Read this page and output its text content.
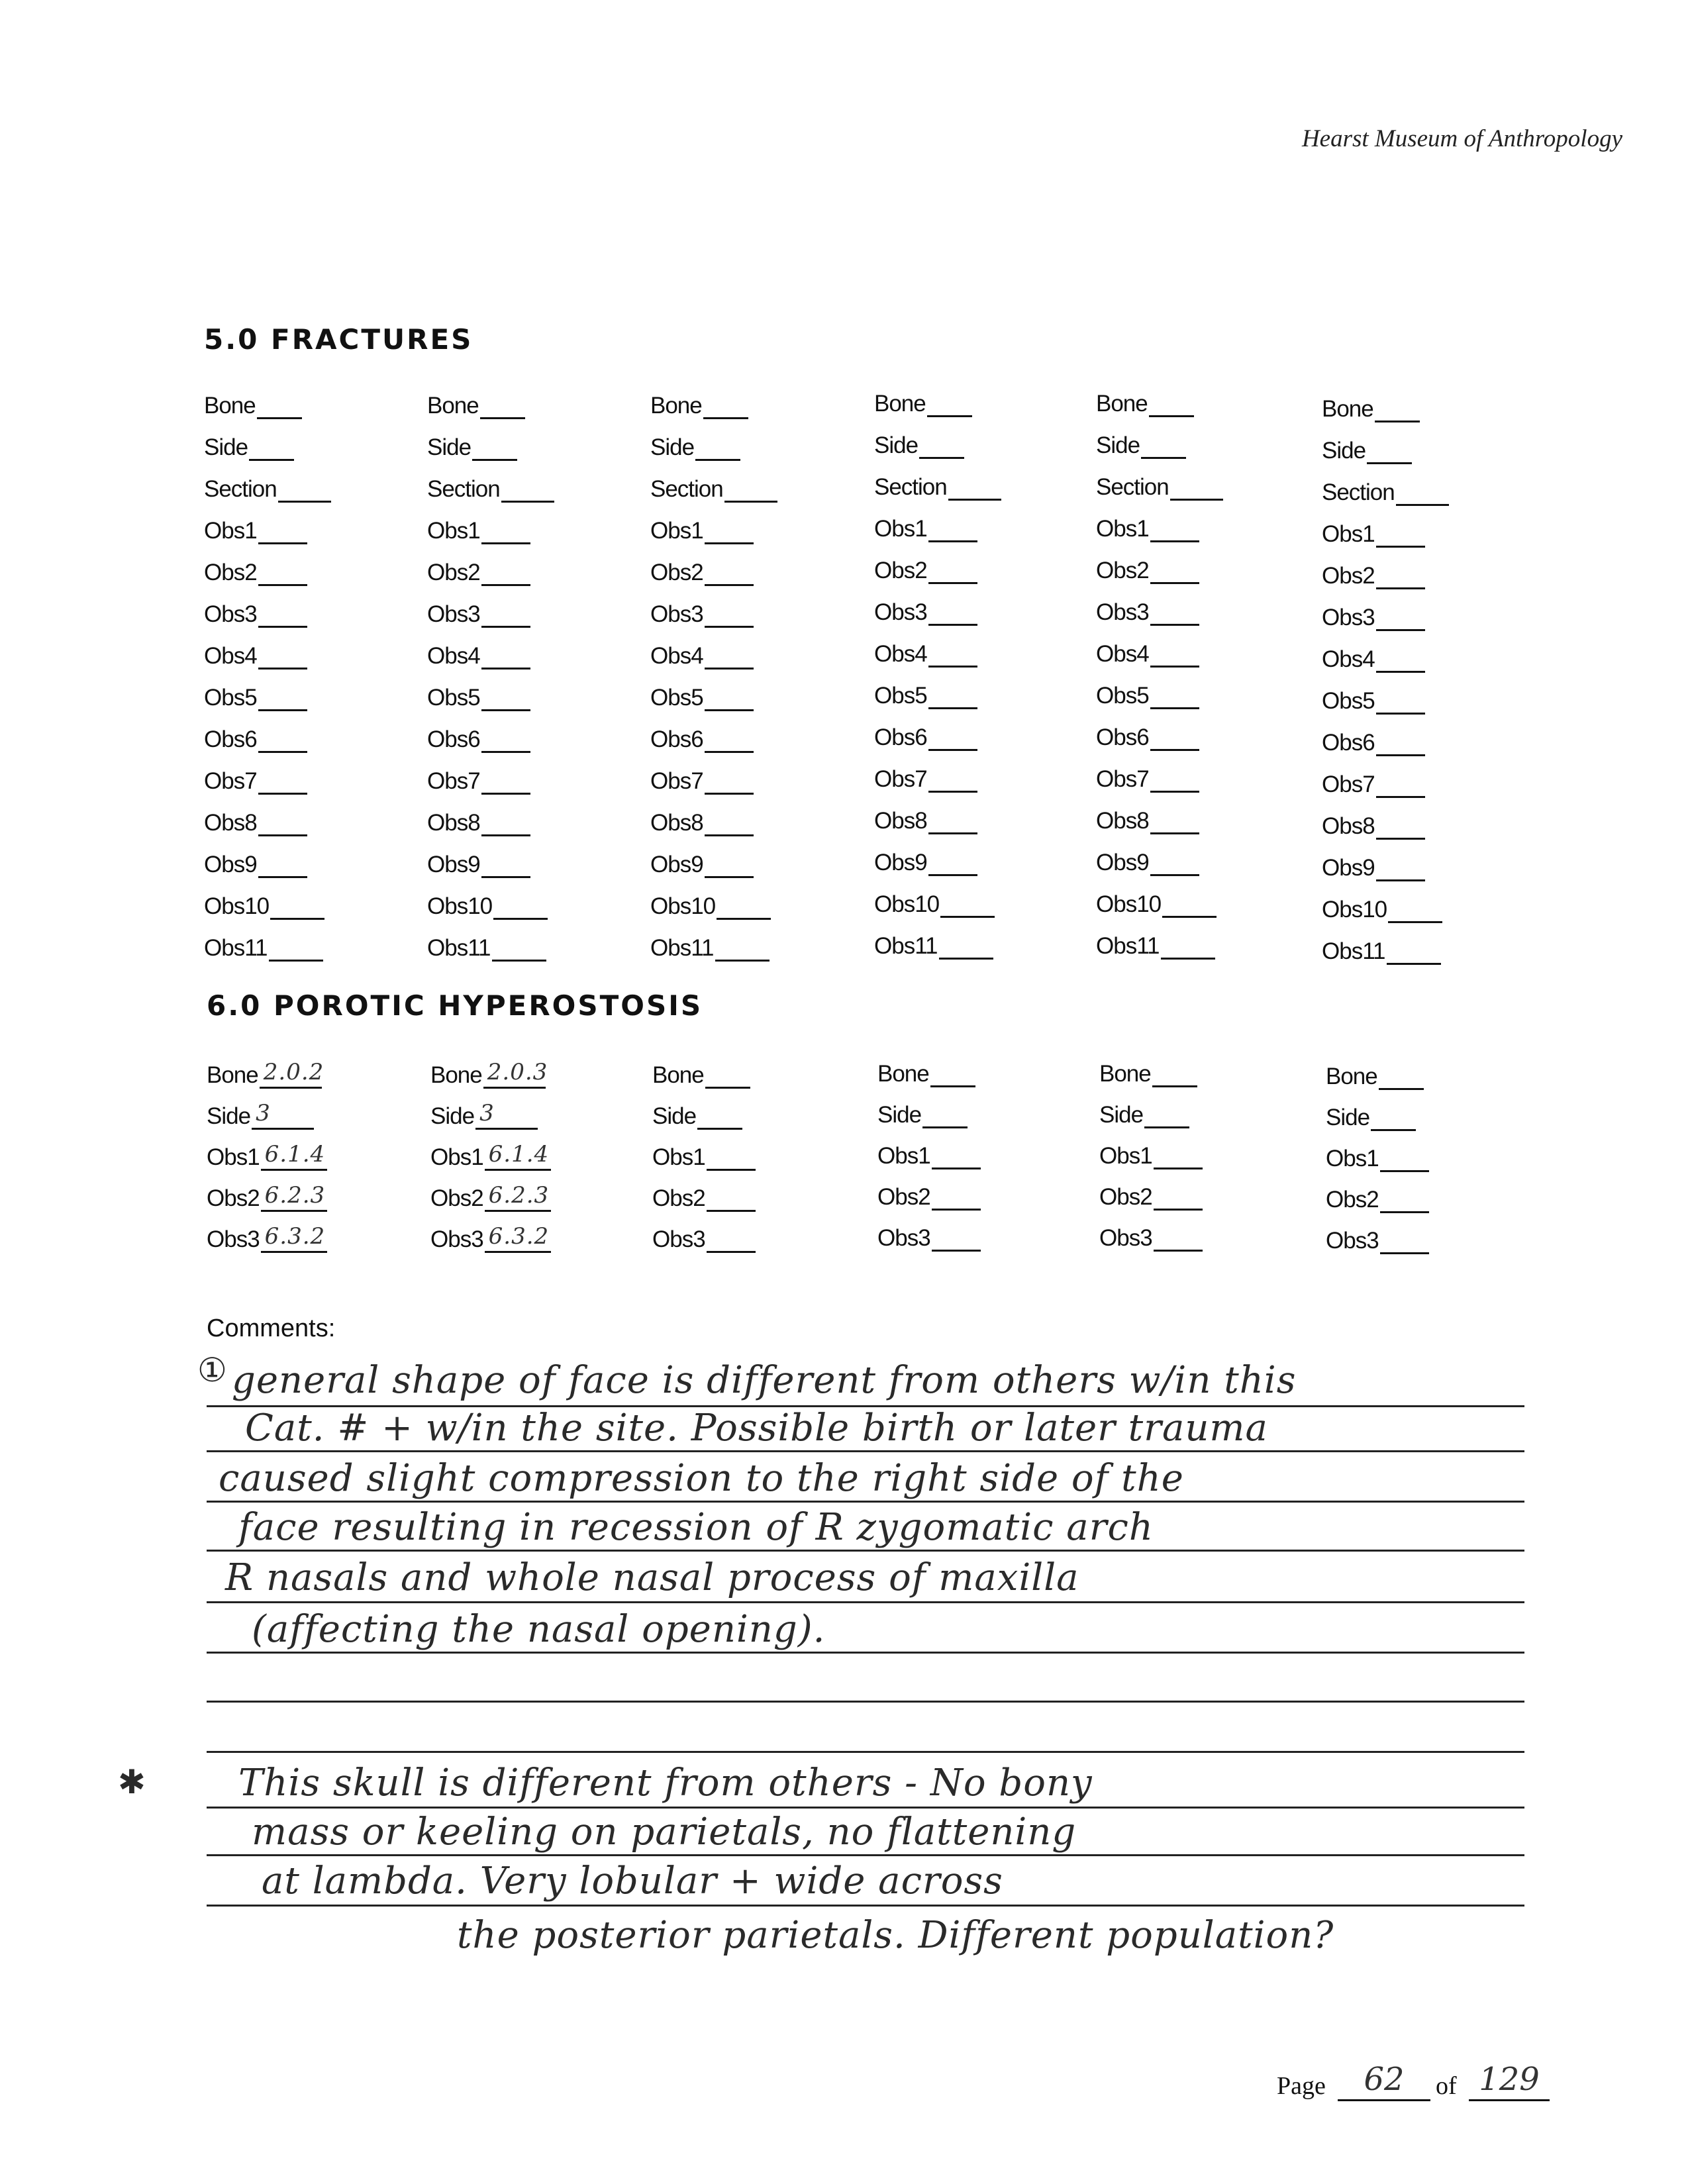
Hearst Museum of Anthropology
5.0 FRACTURES
Bone
Side
Section
Obs1
Obs2
Obs3
Obs4
Obs5
Obs6
Obs7
Obs8
Obs9
Obs10
Obs11
Bone
Side
Section
Obs1
Obs2
Obs3
Obs4
Obs5
Obs6
Obs7
Obs8
Obs9
Obs10
Obs11
Bone
Side
Section
Obs1
Obs2
Obs3
Obs4
Obs5
Obs6
Obs7
Obs8
Obs9
Obs10
Obs11
Bone
Side
Section
Obs1
Obs2
Obs3
Obs4
Obs5
Obs6
Obs7
Obs8
Obs9
Obs10
Obs11
Bone
Side
Section
Obs1
Obs2
Obs3
Obs4
Obs5
Obs6
Obs7
Obs8
Obs9
Obs10
Obs11
Bone
Side
Section
Obs1
Obs2
Obs3
Obs4
Obs5
Obs6
Obs7
Obs8
Obs9
Obs10
Obs11
6.0 POROTIC HYPEROSTOSIS
Bone 2.0.2
Side 3
Obs1 6.1.4
Obs2 6.2.3
Obs3 6.3.2
Bone 2.0.3
Side 3
Obs1 6.1.4
Obs2 6.2.3
Obs3 6.3.2
Bone
Side
Obs1
Obs2
Obs3
Bone
Side
Obs1
Obs2
Obs3
Bone
Side
Obs1
Obs2
Obs3
Bone
Side
Obs1
Obs2
Obs3
Comments:
general shape of face is different from others w/in this
Cat. # + w/in the site. Possible birth or later trauma
caused slight compression to the right side of the
face resulting in recession of R zygomatic arch
R nasals and whole nasal process of maxilla
(affecting the nasal opening).
This skull is different from others - No bony
mass or keeling on parietals, no flattening
at lambda. Very lobular + wide across
the posterior parietals. Different population?
①
✱
Page	62	of 129
